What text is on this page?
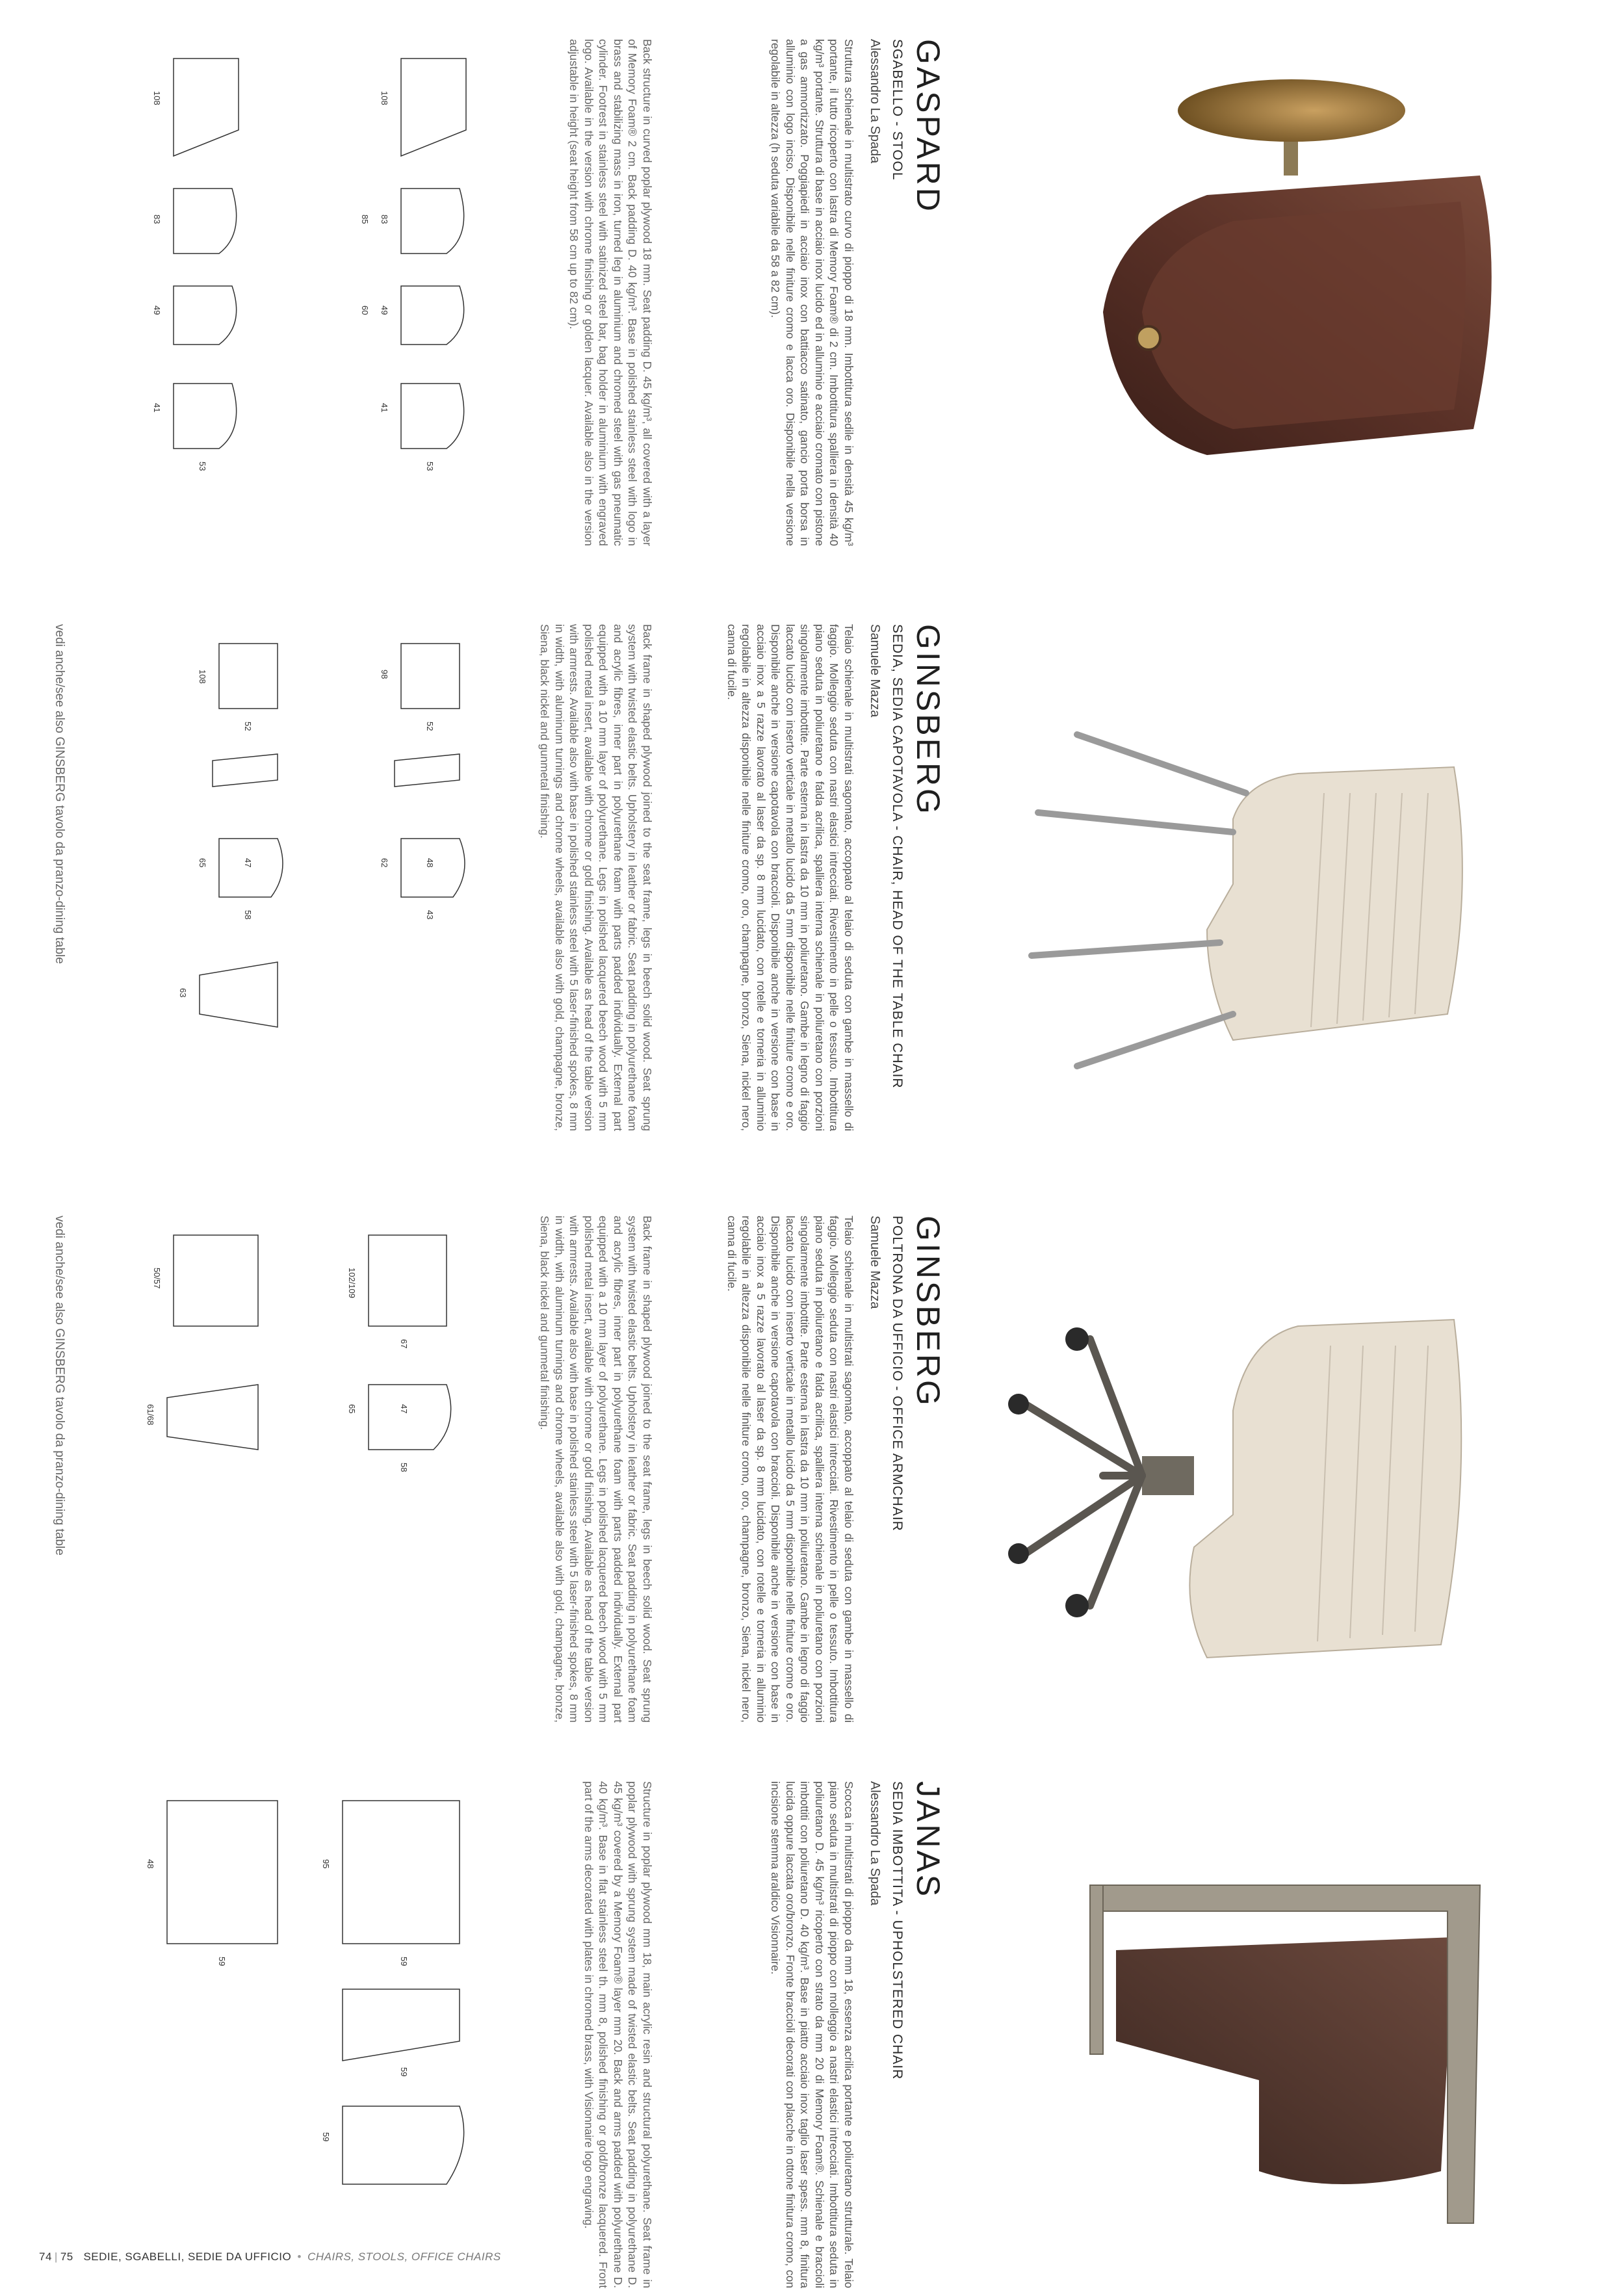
GASPARD

SGABELLO - STOOL

Alessandro La Spada

Struttura schienale in multistrato curvo di pioppo di 18 mm. Imbottitura sedile in densità 45 kg/m³ portante, il tutto ricoperto con lastra di Memory Foam® di 2 cm. Imbottitura spalliera in densità 40 kg/m³ portante. Struttura di base in acciaio inox lucido ed in alluminio e acciaio cromato con pistone a gas ammortizzato. Poggiapiedi in acciaio inox con battiacco satinato, gancio porta borsa in alluminio con logo inciso. Disponibile nelle finiture cromo e lacca oro. Disponibile nella versione regolabile in altezza (h seduta variabile da 58 a 82 cm).

Back structure in curved poplar plywood 18 mm. Seat padding D. 45 kg/m³, all covered with a layer of Memory Foam® 2 cm. Back padding D. 40 kg/m³. Base in polished stainless steel with logo in brass and stabilizing mass in iron, turned leg in aluminium and chromed steel with gas pneumatic cylinder. Footrest in stainless steel with satinized steel bar, bag holder in aluminium with engraved logo. Available in the version with chrome finishing or golden lacquer. Available also in the version adjustable in height (seat height from 58 cm up to 82 cm).

108
83
49
41
53
85
60
108
83
49
41
53
GINSBERG

SEDIA, SEDIA CAPOTAVOLA - CHAIR, HEAD OF THE TABLE CHAIR

Samuele Mazza

Telaio schienale in multistrati sagomato, accoppato al telaio di seduta con gambe in massello di faggio. Molleggio seduta con nastri elastici intrecciati. Rivestimento in pelle o tessuto. Imbottitura piano seduta in poliuretano e falda acrilica, spalliera interna schienale in poliuretano con porzioni singolarmente imbottite. Parte esterna in lastra da 10 mm in poliuretano. Gambe in legno di faggio laccato lucido con inserto verticale in metallo lucido da 5 mm disponibile nelle finiture cromo e oro. Disponibile anche in versione capotavola con braccioli. Disponibile anche in versione con base in acciaio inox a 5 razze lavorato al laser da sp. 8 mm lucidato, con rotelle e torneria in alluminio regolabile in altezza disponibile nelle finiture cromo, oro, champagne, bronzo, Siena, nickel nero, canna di fucile.

Back frame in shaped plywood joined to the seat frame, legs in beech solid wood. Seat sprung system with twisted elastic belts. Upholstery in leather or fabric. Seat padding in polyurethane foam and acrylic fibres, inner part in polyurethane foam with parts padded individually. External part equipped with a 10 mm layer of polyurethane. Legs in polished lacquered beech wood with 5 mm polished metal insert, available with chrome or gold finishing. Available as head of the table version with armrests. Available also with base in polished stainless steel with 5 laser-finished spokes, 8 mm in width, with aluminum turnings and chrome wheels, available also with gold, champagne, bronze, Siena, black nickel and gunmetal finishing.

98
52
62	48
43
108
52
65	47
58
63

vedi anche/see also GINSBERG tavolo da pranzo-dining table

GINSBERG

POLTRONA DA UFFICIO - OFFICE ARMCHAIR

Samuele Mazza

Telaio schienale in multistrati sagomato, accoppato al telaio di seduta con gambe in massello di faggio. Molleggio seduta con nastri elastici intrecciati. Rivestimento in pelle o tessuto. Imbottitura piano seduta in poliuretano e falda acrilica, spalliera interna schienale in poliuretano con porzioni singolarmente imbottite. Parte esterna in lastra da 10 mm in poliuretano. Gambe in legno di faggio laccato lucido con inserto verticale in metallo lucido da 5 mm disponibile nelle finiture cromo e oro. Disponibile anche in versione capotavola con braccioli. Disponibile anche in versione con base in acciaio inox a 5 razze lavorato al laser da sp. 8 mm lucidato, con rotelle e torneria in alluminio regolabile in altezza disponibile nelle finiture cromo, oro, champagne, bronzo, Siena, nickel nero, canna di fucile.

Back frame in shaped plywood joined to the seat frame, legs in beech solid wood. Seat sprung system with twisted elastic belts. Upholstery in leather or fabric. Seat padding in polyurethane foam and acrylic fibres, inner part in polyurethane foam with parts padded individually. External part equipped with a 10 mm layer of polyurethane. Legs in polished lacquered beech wood with 5 mm polished metal insert, available with chrome or gold finishing. Available as head of the table version with armrests. Available also with base in polished stainless steel with 5 laser-finished spokes, 8 mm in width, with aluminum turnings and chrome wheels, available also with gold, champagne, bronze, Siena, black nickel and gunmetal finishing.

102/109
65	47
67
58
50/57
61/68

vedi anche/see also GINSBERG tavolo da pranzo-dining table

JANAS

SEDIA IMBOTTITA - UPHOLSTERED CHAIR

Alessandro La Spada

Scocca in multistrati di pioppo da mm 18, essenza acrilica portante e poliuretano strutturale. Telaio piano seduta in multistrati di pioppo con molleggio a nastri elastici intrecciati. Imbottitura seduta in poliuretano D. 45 kg/m³ ricoperto con strato da mm 20 di Memory Foam®. Schienale e braccioli imbottiti con poliuretano D. 40 kg/m³. Base in piatto acciaio inox taglio laser spess. mm 8, finitura lucida oppure laccata oro/bronzo. Fronte braccioli decorati con placche in ottone finitura cromo, con incisione stemma araldico Visionnaire.

Structure in poplar plywood mm 18, main acrylic resin and structural polyurethane. Seat frame in poplar plywood with sprung system made of twisted elastic belts. Seat padding in polyurethane D. 45 kg/m³ covered by a Memory Foam® layer mm 20. Back and arms padded with polyurethane D. 40 kg/m³. Base in flat stainless steel th. mm 8, polished finishing or gold/bronze lacquered. Front part of the arms decorated with plates in chromed brass, with Visionnaire logo engraving.

95
59
59
59
48
59
74 | 75 SEDIE, SGABELLI, SEDIE DA UFFICIO • CHAIRS, STOOLS, OFFICE CHAIRS
